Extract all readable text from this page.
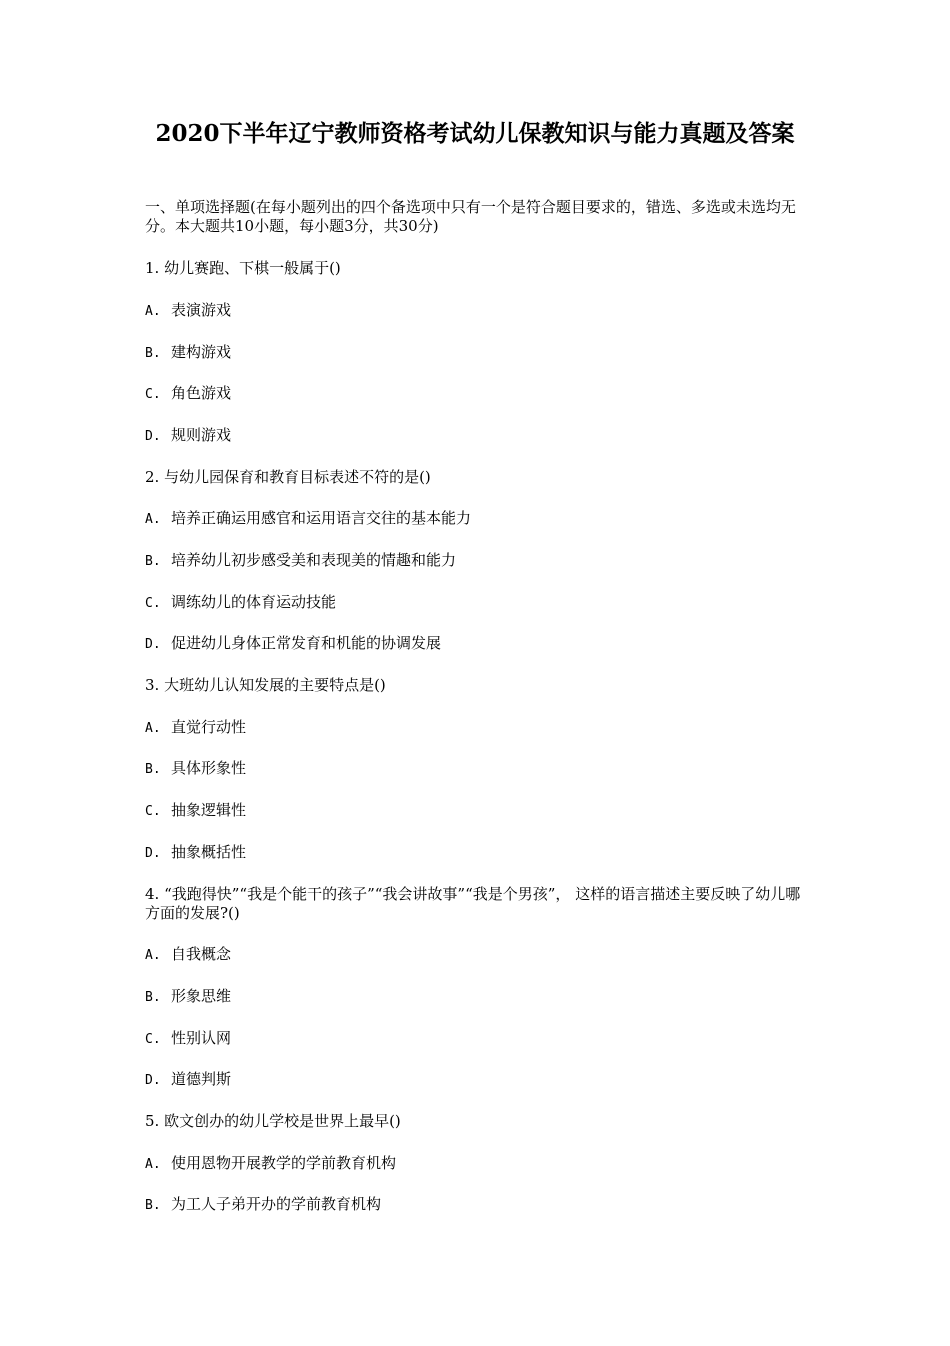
2020下半年辽宁教师资格考试幼儿保教知识与能力真题及答案

一、单项选择题(在每小题列出的四个备选项中只有一个是符合题目要求的，错选、多选或未选均无分。本大题共10小题，每小题3分，共30分)

1. 幼儿赛跑、下棋一般属于()

A. 表演游戏

B. 建构游戏

C. 角色游戏

D. 规则游戏

2. 与幼儿园保育和教育目标表述不符的是()

A. 培养正确运用感官和运用语言交往的基本能力

B. 培养幼儿初步感受美和表现美的情趣和能力

C. 调练幼儿的体育运动技能

D. 促进幼儿身体正常发育和机能的协调发展

3. 大班幼儿认知发展的主要特点是()

A. 直觉行动性

B. 具体形象性

C. 抽象逻辑性

D. 抽象概括性

4. “我跑得快”“我是个能干的孩子”“我会讲故事”“我是个男孩”， 这样的语言描述主要反映了幼儿哪方面的发展?()

A. 自我概念

B. 形象思维

C. 性别认网

D. 道德判斯

5. 欧文创办的幼儿学校是世界上最早()

A. 使用恩物开展教学的学前教育机构

B. 为工人子弟开办的学前教育机构
